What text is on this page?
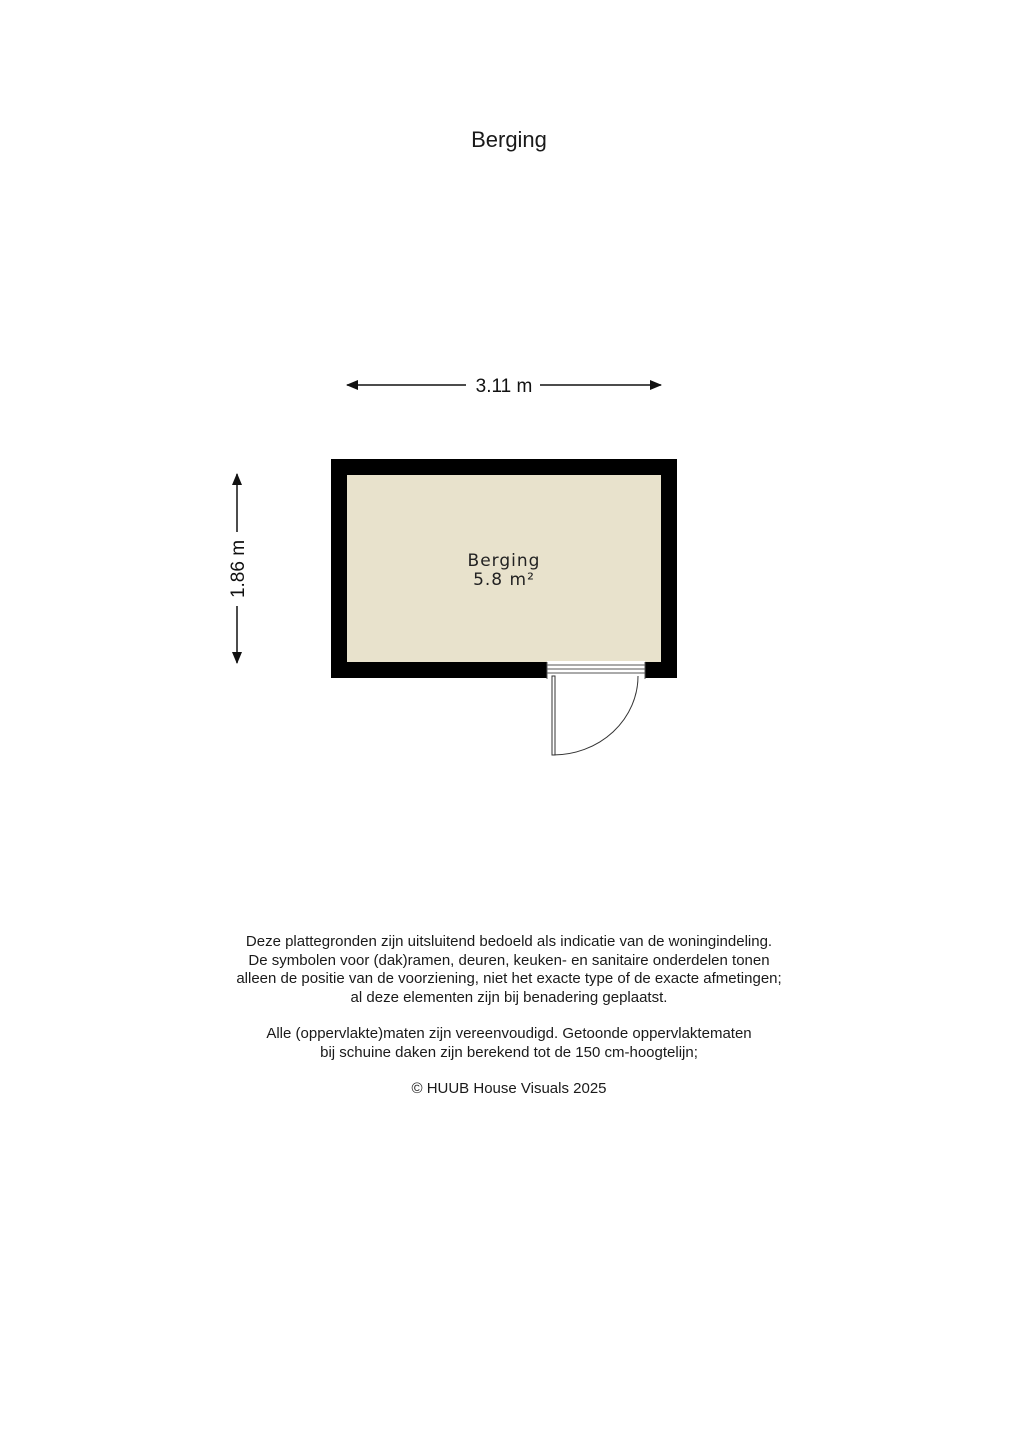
Berging
3.11 m
1.86 m	Berging
5.8 m²

Deze plattegronden zijn uitsluitend bedoeld als indicatie van de woningindeling.

De symbolen voor (dak)ramen, deuren, keuken- en sanitaire onderdelen tonen

alleen de positie van de voorziening, niet het exacte type of de exacte afmetingen;

al deze elementen zijn bij benadering geplaatst.

Alle (oppervlakte)maten zijn vereenvoudigd. Getoonde oppervlaktematen

bij schuine daken zijn berekend tot de 150 cm-hoogtelijn;

© HUUB House Visuals 2025
